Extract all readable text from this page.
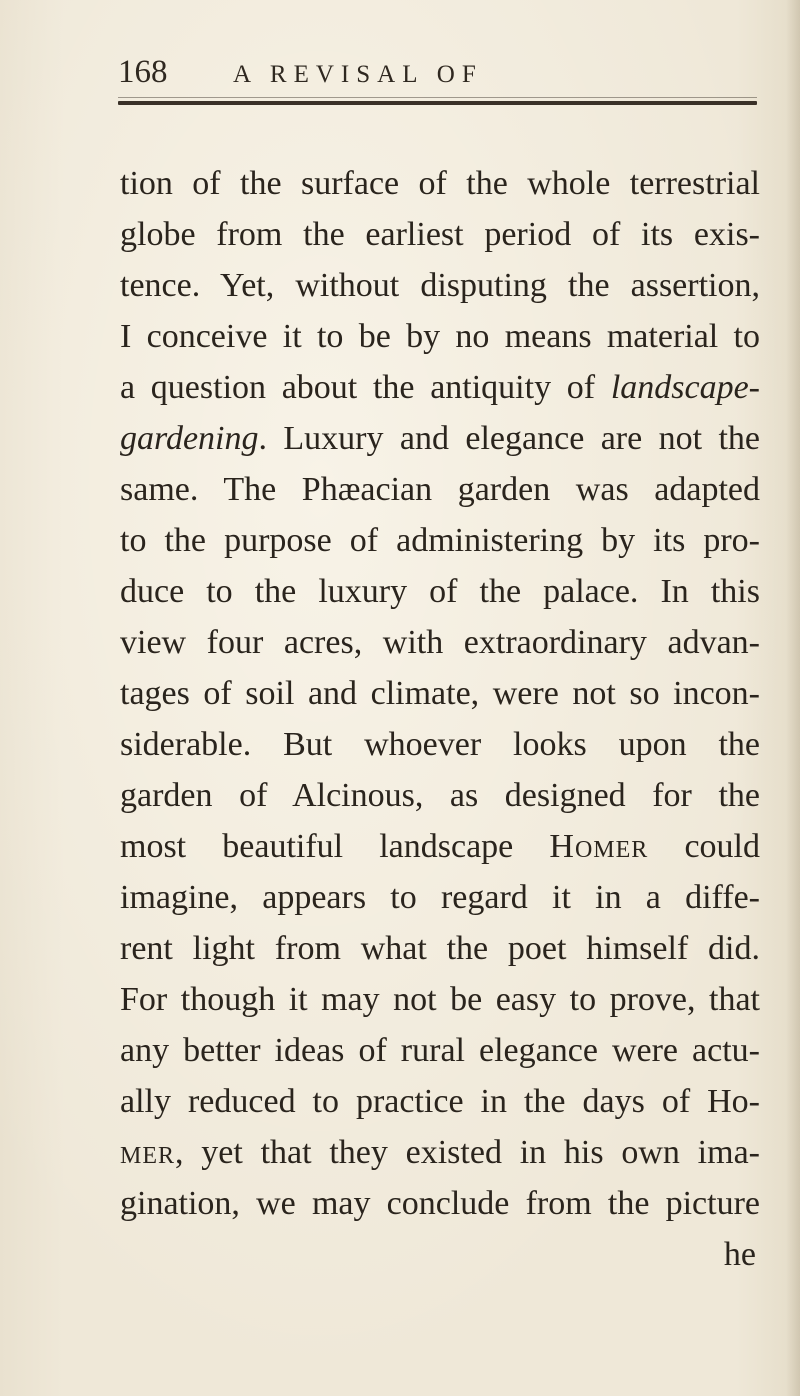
168	A REVISAL OF
tion of the surface of the whole terrestrial
globe from the earliest period of its exis-
tence. Yet, without disputing the assertion,
I conceive it to be by no means material to
a question about the antiquity of landscape-
gardening. Luxury and elegance are not the
same. The Phæacian garden was adapted
to the purpose of administering by its pro-
duce to the luxury of the palace. In this
view four acres, with extraordinary advan-
tages of soil and climate, were not so incon-
siderable. But whoever looks upon the
garden of Alcinous, as designed for the
most beautiful landscape Homer could
imagine, appears to regard it in a diffe-
rent light from what the poet himself did.
For though it may not be easy to prove, that
any better ideas of rural elegance were actu-
ally reduced to practice in the days of Ho-
mer, yet that they existed in his own ima-
gination, we may conclude from the picture
he
